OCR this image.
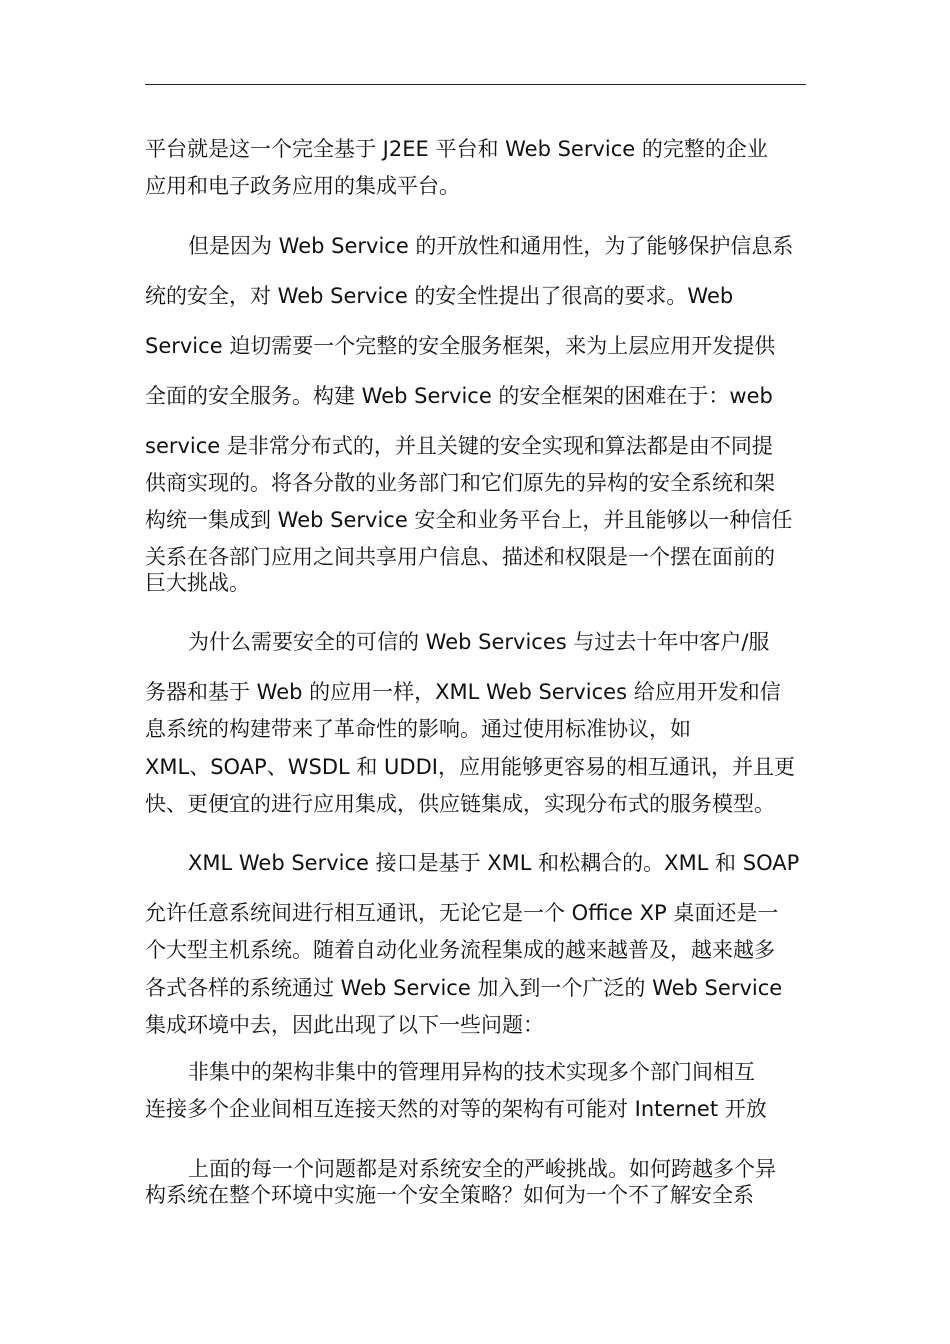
平台就是这一个完全基于 J2EE 平台和 Web Service 的完整的企业
应用和电子政务应用的集成平台。
但是因为 Web Service 的开放性和通用性，为了能够保护信息系
统的安全，对 Web Service 的安全性提出了很高的要求。Web
Service 迫切需要一个完整的安全服务框架，来为上层应用开发提供
全面的安全服务。构建 Web Service 的安全框架的困难在于：web
service 是非常分布式的，并且关键的安全实现和算法都是由不同提
供商实现的。将各分散的业务部门和它们原先的异构的安全系统和架
构统一集成到 Web Service 安全和业务平台上，并且能够以一种信任
关系在各部门应用之间共享用户信息、描述和权限是一个摆在面前的
巨大挑战。
为什么需要安全的可信的 Web Services 与过去十年中客户/服
务器和基于 Web 的应用一样，XML Web Services 给应用开发和信
息系统的构建带来了革命性的影响。通过使用标准协议，如
XML、SOAP、WSDL 和 UDDI，应用能够更容易的相互通讯，并且更
快、更便宜的进行应用集成，供应链集成，实现分布式的服务模型。
XML Web Service 接口是基于 XML 和松耦合的。XML 和 SOAP
允许任意系统间进行相互通讯，无论它是一个 Office XP 桌面还是一
个大型主机系统。随着自动化业务流程集成的越来越普及，越来越多
各式各样的系统通过 Web Service 加入到一个广泛的 Web Service
集成环境中去，因此出现了以下一些问题：
非集中的架构非集中的管理用异构的技术实现多个部门间相互
连接多个企业间相互连接天然的对等的架构有可能对 Internet 开放
上面的每一个问题都是对系统安全的严峻挑战。如何跨越多个异
构系统在整个环境中实施一个安全策略？如何为一个不了解安全系
